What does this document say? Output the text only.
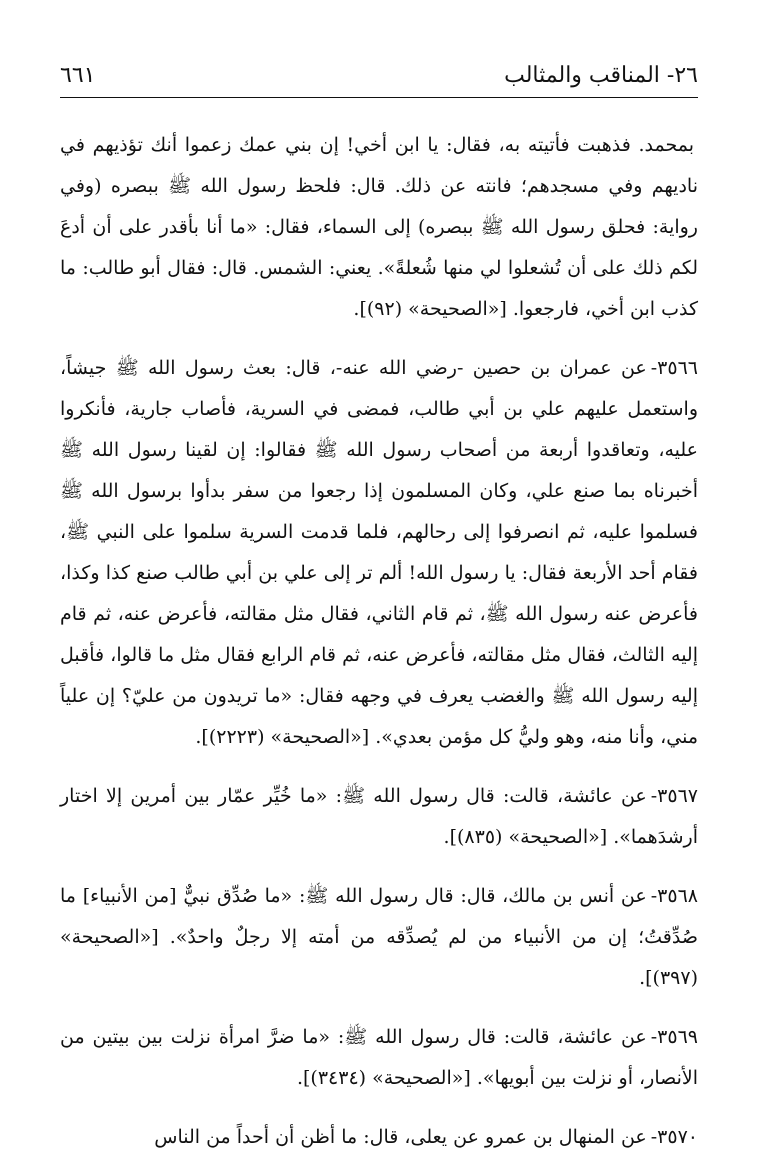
٢٦- المناقب والمثالب
٦٦١

بمحمد. فذهبت فأتيته به، فقال: يا ابن أخي! إن بني عمك زعموا أنك تؤذيهم في ناديهم وفي مسجدهم؛ فانته عن ذلك. قال: فلحظ رسول الله ﷺ ببصره (وفي رواية: فحلق رسول الله ﷺ ببصره) إلى السماء، فقال: «ما أنا بأقدر على أن أدعَ لكم ذلك على أن تُشعلوا لي منها شُعلةً». يعني: الشمس. قال: فقال أبو طالب: ما كذب ابن أخي، فارجعوا. [«الصحيحة» (٩٢)].

٣٥٦٦-عن عمران بن حصين -رضي الله عنه-، قال: بعث رسول الله ﷺ جيشاً، واستعمل عليهم علي بن أبي طالب، فمضى في السرية، فأصاب جارية، فأنكروا عليه، وتعاقدوا أربعة من أصحاب رسول الله ﷺ فقالوا: إن لقينا رسول الله ﷺ أخبرناه بما صنع علي، وكان المسلمون إذا رجعوا من سفر بدأوا برسول الله ﷺ فسلموا عليه، ثم انصرفوا إلى رحالهم، فلما قدمت السرية سلموا على النبي ﷺ، فقام أحد الأربعة فقال: يا رسول الله! ألم تر إلى علي بن أبي طالب صنع كذا وكذا، فأعرض عنه رسول الله ﷺ، ثم قام الثاني، فقال مثل مقالته، فأعرض عنه، ثم قام إليه الثالث، فقال مثل مقالته، فأعرض عنه، ثم قام الرابع فقال مثل ما قالوا، فأقبل إليه رسول الله ﷺ والغضب يعرف في وجهه فقال: «ما تريدون من عليّ؟ إن علياً مني، وأنا منه، وهو وليُّ كل مؤمن بعدي». [«الصحيحة» (٢٢٢٣)].

٣٥٦٧-عن عائشة، قالت: قال رسول الله ﷺ: «ما خُيِّر عمّار بين أمرين إلا اختار أرشدَهما». [«الصحيحة» (٨٣٥)].

٣٥٦٨-عن أنس بن مالك، قال: قال رسول الله ﷺ: «ما صُدِّق نبيٌّ [من الأنبياء] ما صُدِّقتُ؛ إن من الأنبياء من لم يُصدِّقه من أمته إلا رجلٌ واحدٌ». [«الصحيحة» (٣٩٧)].

٣٥٦٩-عن عائشة، قالت: قال رسول الله ﷺ: «ما ضرَّ امرأة نزلت بين بيتين من الأنصار، أو نزلت بين أبويها». [«الصحيحة» (٣٤٣٤)].

٣٥٧٠-عن المنهال بن عمرو عن يعلى، قال: ما أظن أن أحداً من الناس
